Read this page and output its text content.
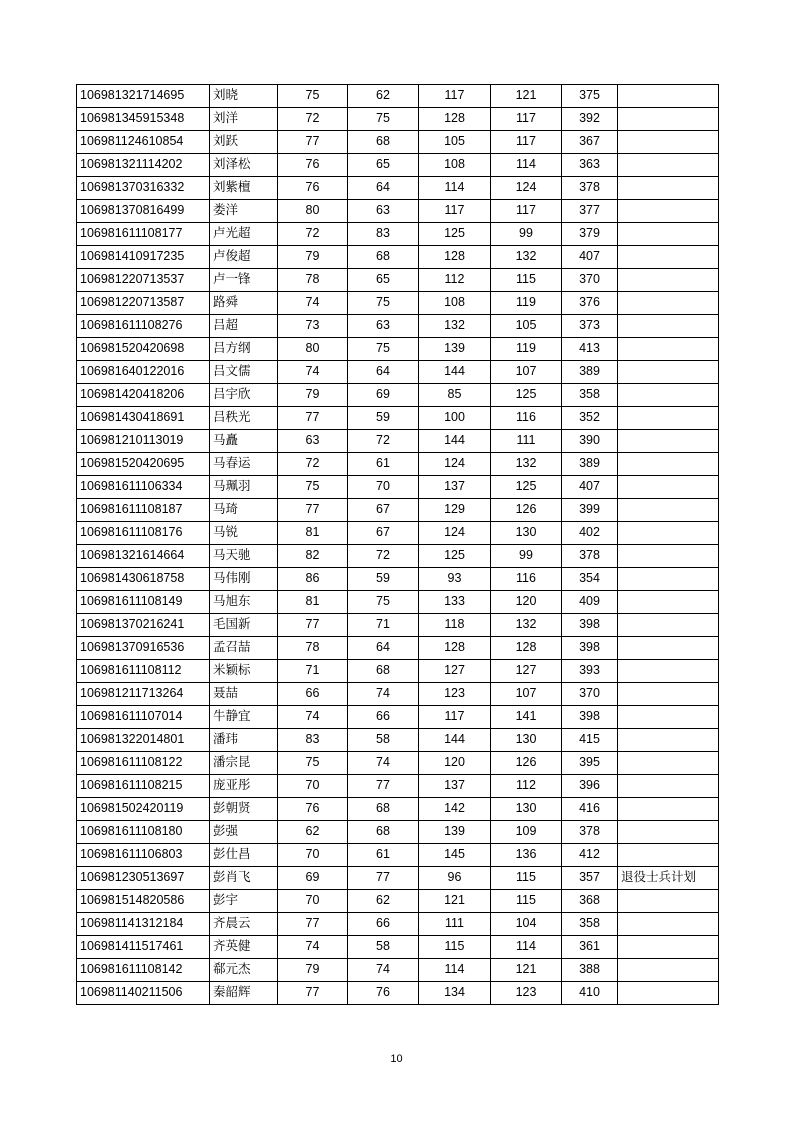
106981321714695	刘晓	75	62	117	121	375	
106981345915348	刘洋	72	75	128	117	392	
106981124610854	刘跃	77	68	105	117	367	
106981321114202	刘泽松	76	65	108	114	363	
106981370316332	刘紫檀	76	64	114	124	378	
106981370816499	娄洋	80	63	117	117	377	
106981611108177	卢光超	72	83	125	99	379	
106981410917235	卢俊超	79	68	128	132	407	
106981220713537	卢一锋	78	65	112	115	370	
106981220713587	路舜	74	75	108	119	376	
106981611108276	吕超	73	63	132	105	373	
106981520420698	吕方纲	80	75	139	119	413	
106981640122016	吕文儒	74	64	144	107	389	
106981420418206	吕宇欣	79	69	85	125	358	
106981430418691	吕秩光	77	59	100	116	352	
106981210113019	马矗	63	72	144	111	390	
106981520420695	马春运	72	61	124	132	389	
106981611106334	马珮羽	75	70	137	125	407	
106981611108187	马琦	77	67	129	126	399	
106981611108176	马锐	81	67	124	130	402	
106981321614664	马天驰	82	72	125	99	378	
106981430618758	马伟刚	86	59	93	116	354	
106981611108149	马旭东	81	75	133	120	409	
106981370216241	毛国新	77	71	118	132	398	
106981370916536	孟召喆	78	64	128	128	398	
106981611108112	米颖标	71	68	127	127	393	
106981211713264	聂喆	66	74	123	107	370	
106981611107014	牛静宜	74	66	117	141	398	
106981322014801	潘玮	83	58	144	130	415	
106981611108122	潘宗昆	75	74	120	126	395	
106981611108215	庞亚彤	70	77	137	112	396	
106981502420119	彭朝贤	76	68	142	130	416	
106981611108180	彭强	62	68	139	109	378	
106981611106803	彭仕昌	70	61	145	136	412	
106981230513697	彭肖飞	69	77	96	115	357	退役士兵计划
106981514820586	彭宇	70	62	121	115	368	
106981141312184	齐晨云	77	66	111	104	358	
106981411517461	齐英健	74	58	115	114	361	
106981611108142	郗元杰	79	74	114	121	388	
106981140211506	秦韶辉	77	76	134	123	410	
10
